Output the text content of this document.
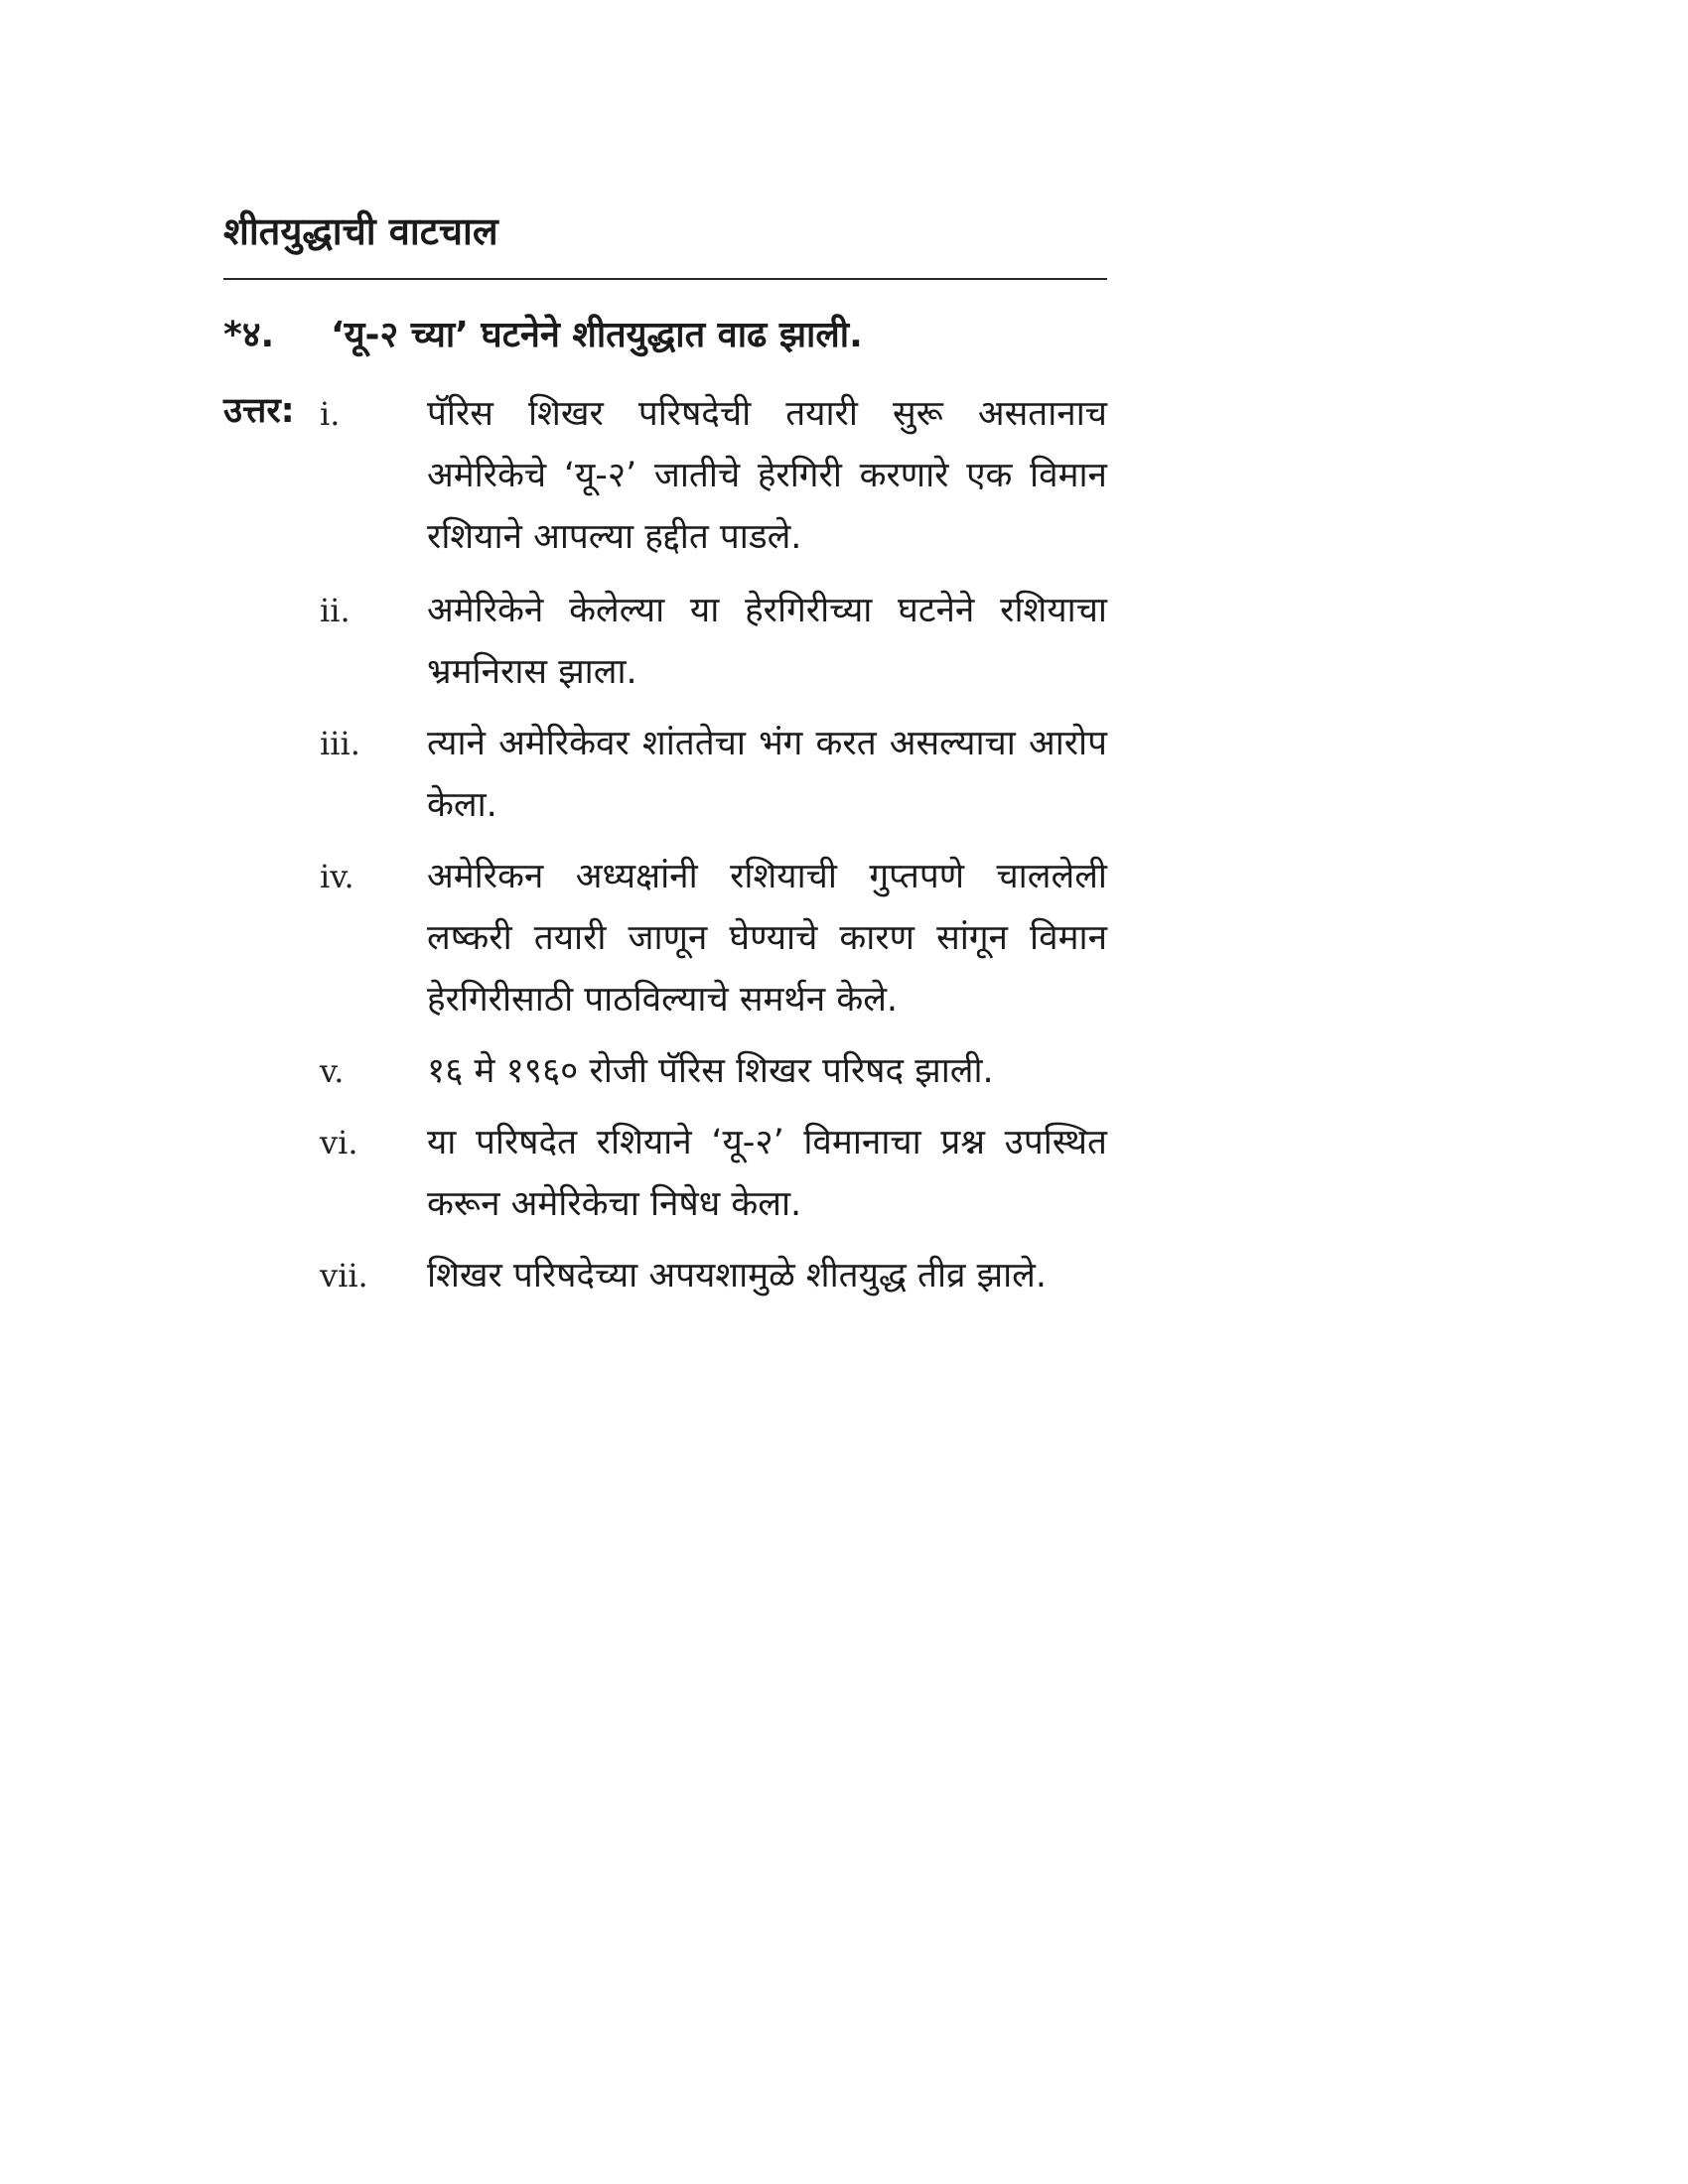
शीतयुद्धाची वाटचाल
*४. ‘यू-२ च्या’ घटनेने शीतयुद्धात वाढ झाली.
उत्तर: i.	पॅरिस शिखर परिषदेची तयारी सुरू असतानाच अमेरिकेचे ‘यू-२’ जातीचे हेरगिरी करणारे एक विमान रशियाने आपल्या हद्दीत पाडले.
ii. अमेरिकेने केलेल्या या हेरगिरीच्या घटनेने रशियाचा भ्रमनिरास झाला.
iii. त्याने अमेरिकेवर शांततेचा भंग करत असल्याचा आरोप केला.
iv. अमेरिकन अध्यक्षांनी रशियाची गुप्तपणे चाललेली लष्करी तयारी जाणून घेण्याचे कारण सांगून विमान हेरगिरीसाठी पाठविल्याचे समर्थन केले.
v. १६ मे १९६० रोजी पॅरिस शिखर परिषद झाली.
vi. या परिषदेत रशियाने ‘यू-२’ विमानाचा प्रश्न उपस्थित करून अमेरिकेचा निषेध केला.
vii. शिखर परिषदेच्या अपयशामुळे शीतयुद्ध तीव्र झाले.
